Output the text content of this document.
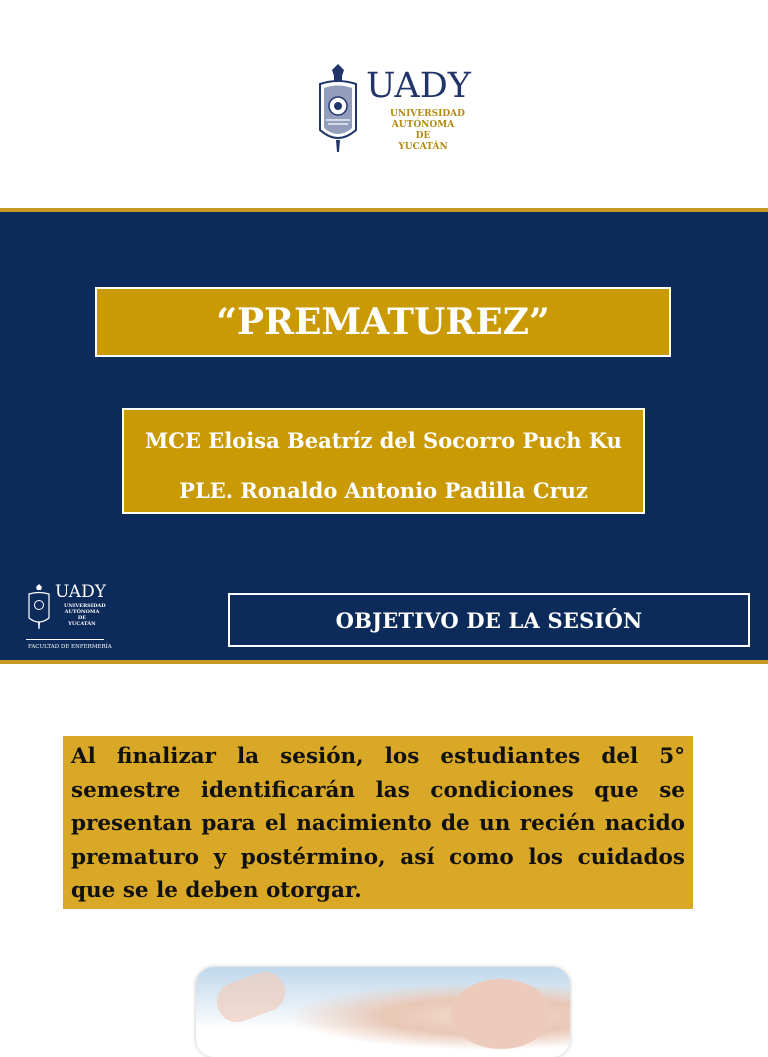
UADY
UNIVERSIDAD
AUTÓNOMA
DE YUCATÁN
“PREMATUREZ”
MCE Eloisa Beatríz del Socorro Puch Ku
PLE. Ronaldo Antonio Padilla Cruz
UADY
UNIVERSIDAD
AUTÓNOMA
DE YUCATÁN
FACULTAD DE ENFERMERÍA
OBJETIVO DE LA SESIÓN

Al finalizar la sesión, los estudiantes del 5° semestre identificarán las condiciones que se presentan para el nacimiento de un recién nacido prematuro y postérmino, así como los cuidados que se le deben otorgar.
